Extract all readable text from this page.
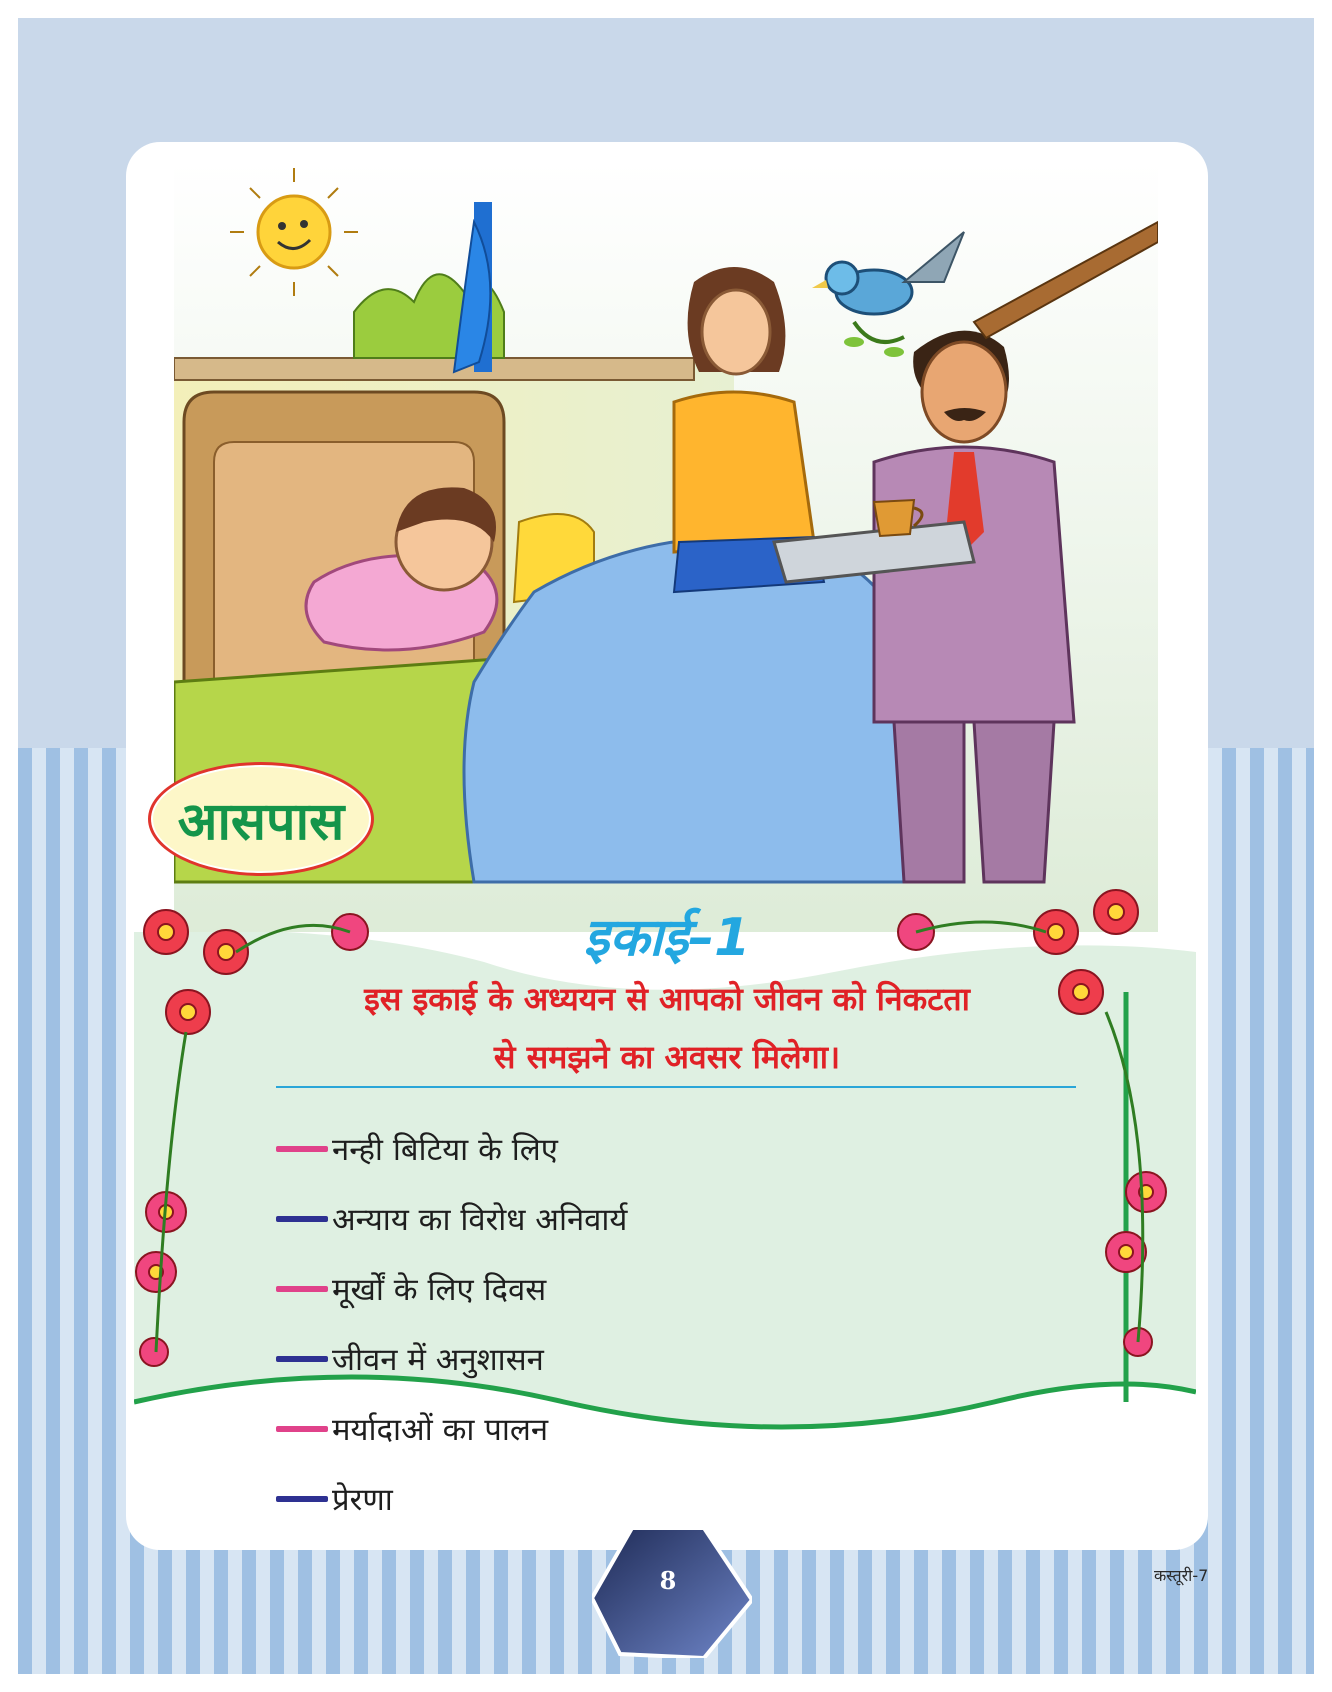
आसपास
इकाई–1
इस इकाई के अध्ययन से आपको जीवन को निकटता
से समझने का अवसर मिलेगा।
नन्ही बिटिया के लिए
अन्याय का विरोध अनिवार्य
मूर्खों के लिए दिवस
जीवन में अनुशासन
मर्यादाओं का पालन
प्रेरणा
8	कस्तूरी-7
